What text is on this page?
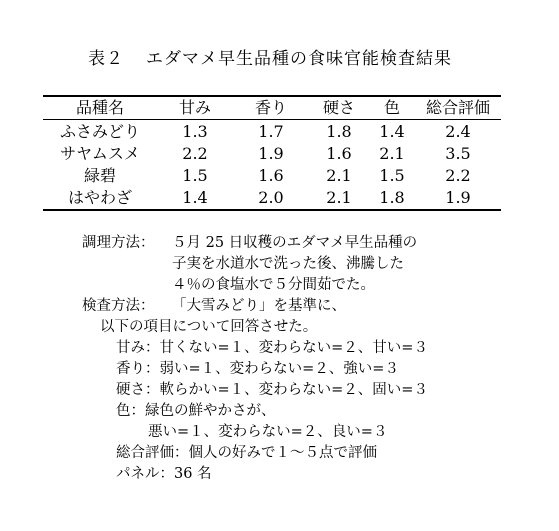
表２ エダマメ早生品種の食味官能検査結果
品種名	甘み	香り	硬さ	色	総合評価
ふさみどり	1.3	1.7	1.8	1.4	2.4
サヤムスメ	2.2	1.9	1.6	2.1	3.5
緑碧	1.5	1.6	2.1	1.5	2.2
はやわざ	1.4	2.0	2.1	1.8	1.9
調理方法： ５月 25 日収穫のエダマメ早生品種の
子実を水道水で洗った後、沸騰した
４％の食塩水で５分間茹でた。
検査方法： 「大雪みどり」を基準に、
以下の項目について回答させた。
甘み：甘くない=１、変わらない=２、甘い=３
香り：弱い=１、変わらない=２、強い=３
硬さ：軟らかい=１、変わらない=２、固い=３
色：緑色の鮮やかさが、
悪い=１、変わらない=２、良い=３
総合評価：個人の好みで１～５点で評価
パネル：36 名
